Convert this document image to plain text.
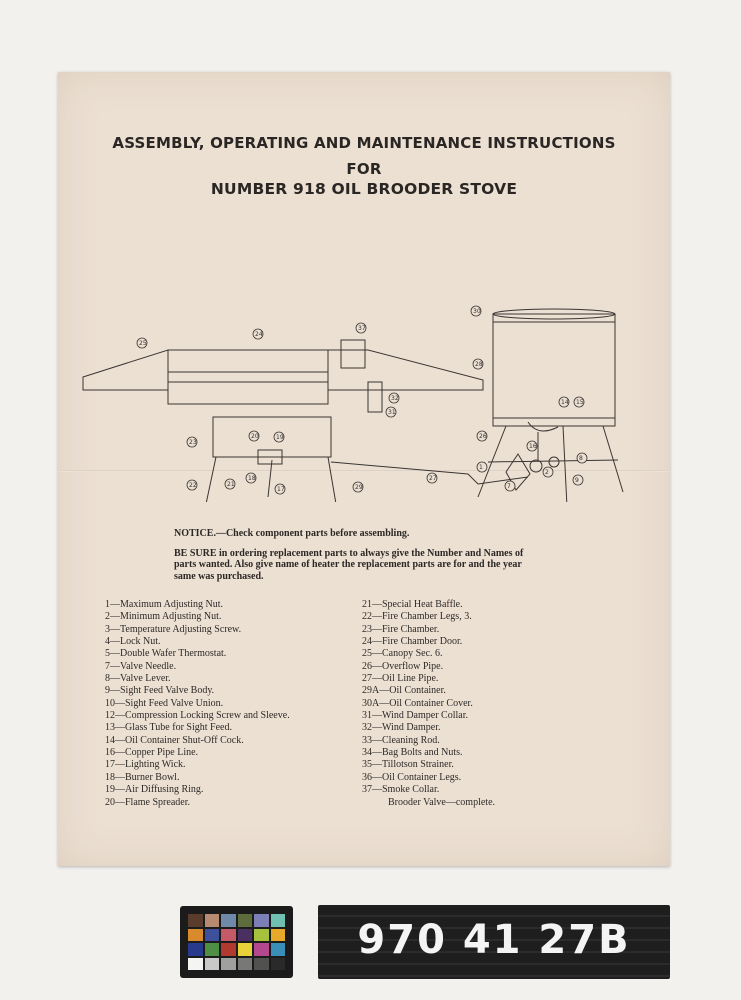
ASSEMBLY, OPERATING AND MAINTENANCE INSTRUCTIONS
FOR
NUMBER 918 OIL BROODER STOVE
25
24
37
32
31
23
20	19
22	21
18
17	29
27
30
28
26
16
14 15
1
7
2
9
8

NOTICE.—Check component parts before assembling.

BE SURE in ordering replacement parts to always give the Number and Names of parts wanted. Also give name of heater the replacement parts are for and the year same was purchased.

1—Maximum Adjusting Nut.
2—Minimum Adjusting Nut.
3—Temperature Adjusting Screw.
4—Lock Nut.
5—Double Wafer Thermostat.
7—Valve Needle.
8—Valve Lever.
9—Sight Feed Valve Body.
10—Sight Feed Valve Union.
12—Compression Locking Screw and Sleeve.
13—Glass Tube for Sight Feed.
14—Oil Container Shut-Off Cock.
16—Copper Pipe Line.
17—Lighting Wick.
18—Burner Bowl.
19—Air Diffusing Ring.
20—Flame Spreader.
21—Special Heat Baffle.
22—Fire Chamber Legs, 3.
23—Fire Chamber.
24—Fire Chamber Door.
25—Canopy Sec. 6.
26—Overflow Pipe.
27—Oil Line Pipe.
29A—Oil Container.
30A—Oil Container Cover.
31—Wind Damper Collar.
32—Wind Damper.
33—Cleaning Rod.
34—Bag Bolts and Nuts.
35—Tillotson Strainer.
36—Oil Container Legs.
37—Smoke Collar.
Brooder Valve—complete.
970 41 27B
